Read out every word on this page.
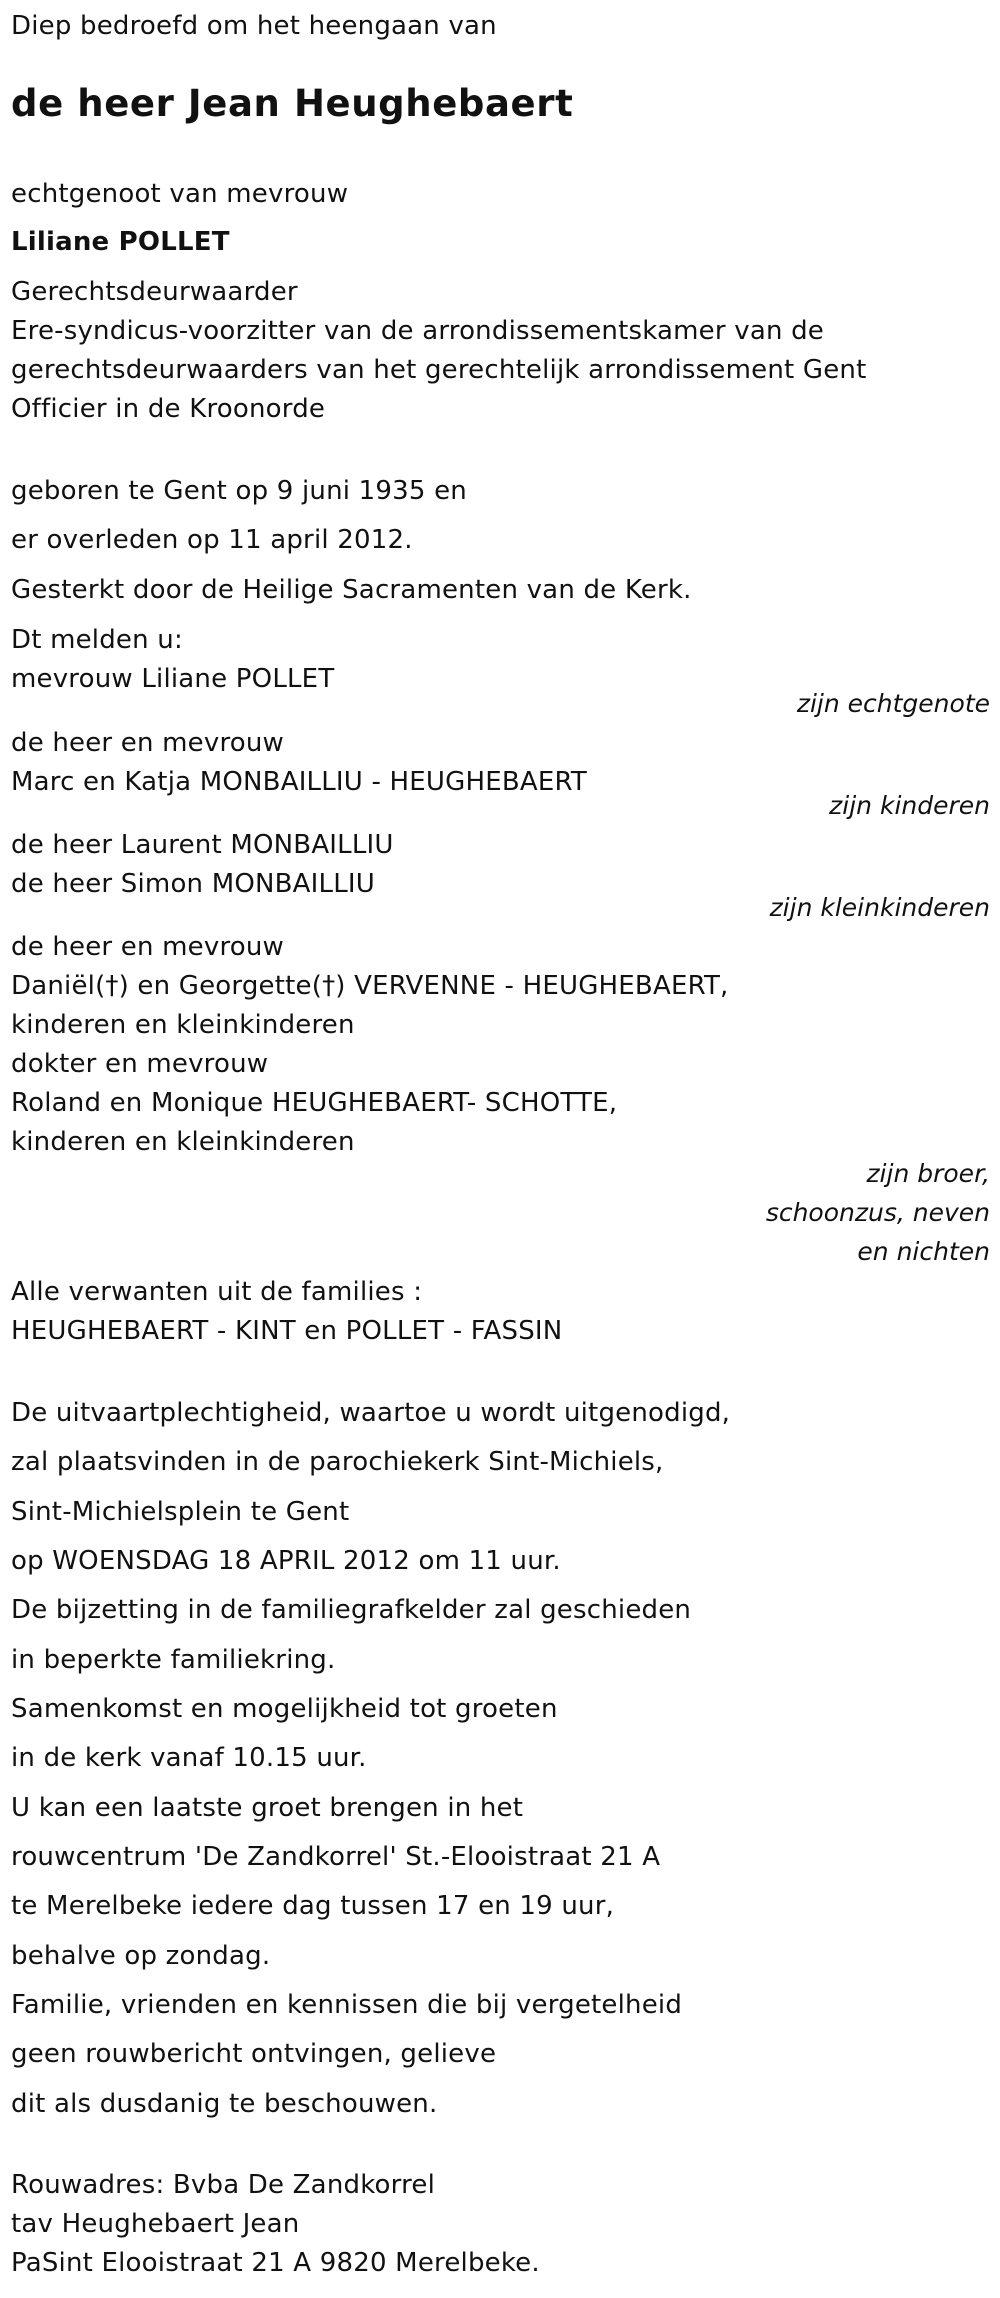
Diep bedroefd om het heengaan van
de heer Jean Heughebaert
echtgenoot van mevrouw
Liliane POLLET
Gerechtsdeurwaarder
Ere-syndicus-voorzitter van de arrondissementskamer van de
gerechtsdeurwaarders van het gerechtelijk arrondissement Gent
Officier in de Kroonorde
geboren te Gent op 9 juni 1935 en
er overleden op 11 april 2012.
Gesterkt door de Heilige Sacramenten van de Kerk.
Dt melden u:
mevrouw Liliane POLLET
zijn echtgenote
de heer en mevrouw
Marc en Katja MONBAILLIU - HEUGHEBAERT
zijn kinderen
de heer Laurent MONBAILLIU
de heer Simon MONBAILLIU
zijn kleinkinderen
de heer en mevrouw
Daniël(†) en Georgette(†) VERVENNE - HEUGHEBAERT,
kinderen en kleinkinderen
dokter en mevrouw
Roland en Monique HEUGHEBAERT- SCHOTTE,
kinderen en kleinkinderen
zijn broer,
schoonzus, neven
en nichten
Alle verwanten uit de families :
HEUGHEBAERT - KINT en POLLET - FASSIN
De uitvaartplechtigheid, waartoe u wordt uitgenodigd,
zal plaatsvinden in de parochiekerk Sint-Michiels,
Sint-Michielsplein te Gent
op WOENSDAG 18 APRIL 2012 om 11 uur.
De bijzetting in de familiegrafkelder zal geschieden
in beperkte familiekring.
Samenkomst en mogelijkheid tot groeten
in de kerk vanaf 10.15 uur.
U kan een laatste groet brengen in het
rouwcentrum 'De Zandkorrel' St.-Elooistraat 21 A
te Merelbeke iedere dag tussen 17 en 19 uur,
behalve op zondag.
Familie, vrienden en kennissen die bij vergetelheid
geen rouwbericht ontvingen, gelieve
dit als dusdanig te beschouwen.
Rouwadres: Bvba De Zandkorrel
tav Heughebaert Jean
PaSint Elooistraat 21 A 9820 Merelbeke.
